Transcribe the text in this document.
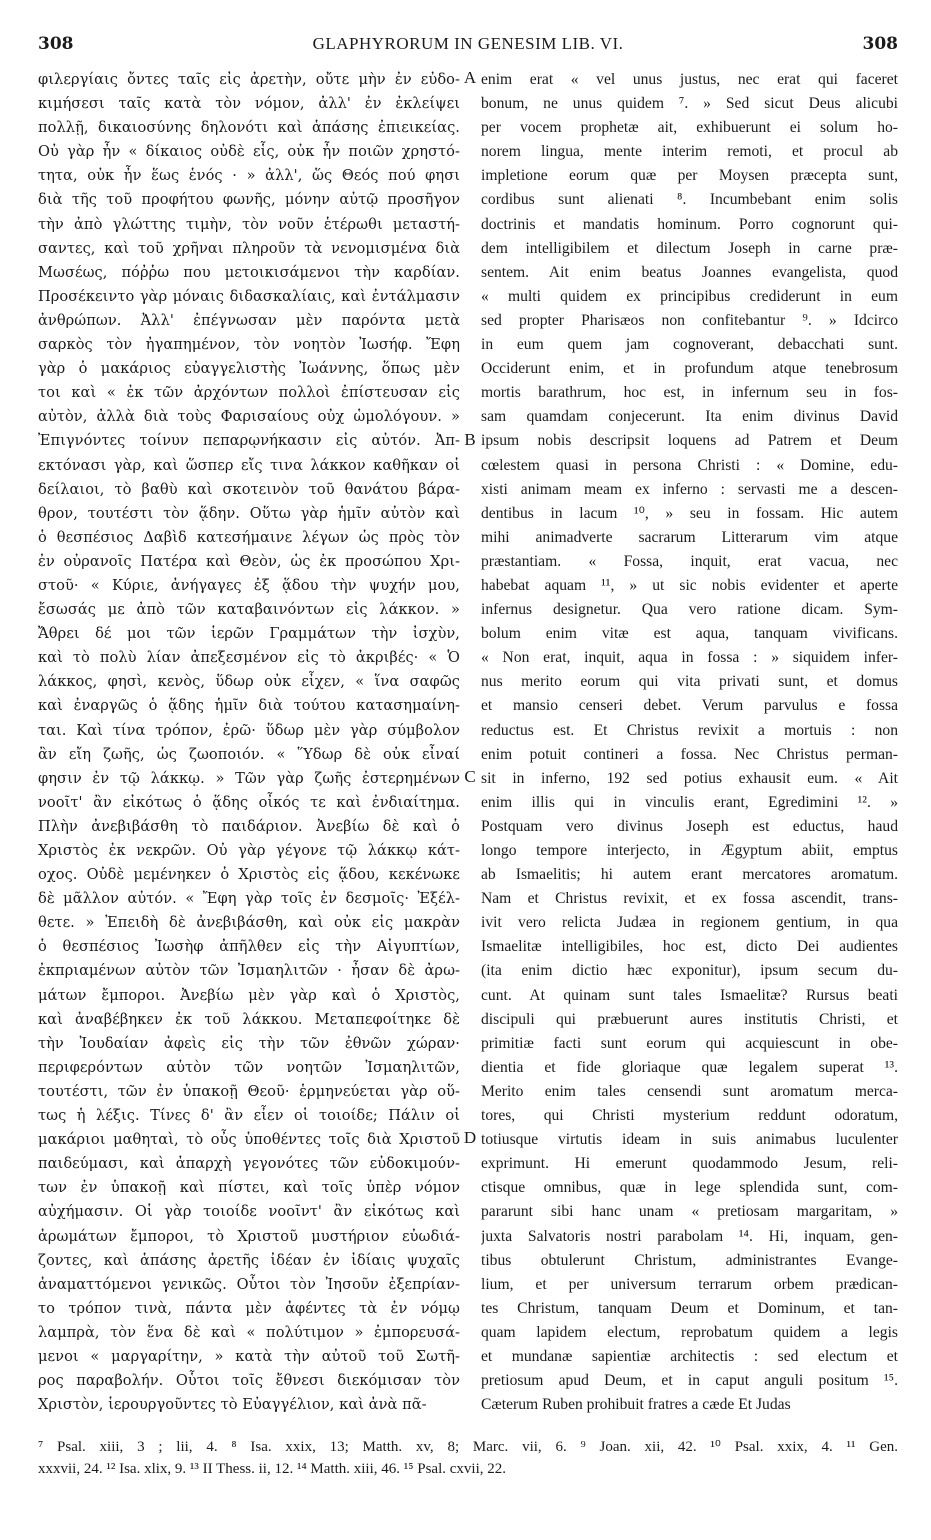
308	GLAPHYRORUM IN GENESIM LIB. VI.	308
φιλεργίαις ὄντες ταῖς εἰς ἀρετὴν, οὔτε μὴν ἐν εὐδο-
κιμήσεσι ταῖς κατὰ τὸν νόμον, ἀλλ' ἐν ἐκλείψει
πολλῇ, δικαιοσύνης δηλονότι καὶ ἁπάσης ἐπιεικείας.
Οὐ γὰρ ἦν « δίκαιος οὐδὲ εἷς, οὐκ ἦν ποιῶν χρηστό-
τητα, οὐκ ἦν ἕως ἑνός · » ἀλλ', ὥς Θεός πού φησι
διὰ τῆς τοῦ προφήτου φωνῆς, μόνην αὐτῷ προσῆγον
τὴν ἀπὸ γλώττης τιμὴν, τὸν νοῦν ἑτέρωθι μεταστή-
σαντες, καὶ τοῦ χρῆναι πληροῦν τὰ νενομισμένα διὰ
Μωσέως, πόῤῥω που μετοικισάμενοι τὴν καρδίαν.
Προσέκειντο γὰρ μόναις διδασκαλίαις, καὶ ἐντάλμασιν
ἀνθρώπων. Ἀλλ' ἐπέγνωσαν μὲν παρόντα μετὰ
σαρκὸς τὸν ἠγαπημένον, τὸν νοητὸν Ἰωσήφ. Ἔφη
γὰρ ὁ μακάριος εὐαγγελιστὴς Ἰωάννης, ὅπως μὲν
τοι καὶ « ἐκ τῶν ἀρχόντων πολλοὶ ἐπίστευσαν εἰς
αὐτὸν, ἀλλὰ διὰ τοὺς Φαρισαίους οὐχ ὡμολόγουν. »
Ἐπιγνόντες τοίνυν πεπαρῳνήκασιν εἰς αὐτόν. Ἀπ-
εκτόνασι γὰρ, καὶ ὥσπερ εἴς τινα λάκκον καθῆκαν οἱ
δείλαιοι, τὸ βαθὺ καὶ σκοτεινὸν τοῦ θανάτου βάρα-
θρον, τουτέστι τὸν ᾅδην. Οὕτω γὰρ ἡμῖν αὐτὸν καὶ
ὁ θεσπέσιος Δαβὶδ κατεσήμαινε λέγων ὡς πρὸς τὸν
ἐν οὐρανοῖς Πατέρα καὶ Θεὸν, ὡς ἐκ προσώπου Χρι-
στοῦ· « Κύριε, ἀνήγαγες ἐξ ᾅδου τὴν ψυχήν μου,
ἔσωσάς με ἀπὸ τῶν καταβαινόντων εἰς λάκκον. »
Ἄθρει δέ μοι τῶν ἱερῶν Γραμμάτων τὴν ἰσχὺν,
καὶ τὸ πολὺ λίαν ἀπεξεσμένον εἰς τὸ ἀκριβές· « Ὁ
λάκκος, φησὶ, κενὸς, ὕδωρ οὐκ εἶχεν, « ἵνα σαφῶς
καὶ ἐναργῶς ὁ ᾅδης ἡμῖν διὰ τούτου κατασημαίνη-
ται. Καὶ τίνα τρόπον, ἐρῶ· ὕδωρ μὲν γὰρ σύμβολον
ἂν εἴη ζωῆς, ὡς ζωοποιόν. « Ὕδωρ δὲ οὐκ εἶναί
φησιν ἐν τῷ λάκκῳ. » Τῶν γὰρ ζωῆς ἐστερημένων
νοοῖτ' ἂν εἰκότως ὁ ᾅδης οἶκός τε καὶ ἐνδιαίτημα.
Πλὴν ἀνεβιβάσθη τὸ παιδάριον. Ἀνεβίω δὲ καὶ ὁ
Χριστὸς ἐκ νεκρῶν. Οὐ γὰρ γέγονε τῷ λάκκῳ κάτ-
οχος. Οὐδὲ μεμένηκεν ὁ Χριστὸς εἰς ᾅδου, κεκένωκε
δὲ μᾶλλον αὐτόν. « Ἔφη γὰρ τοῖς ἐν δεσμοῖς· Ἐξέλ-
θετε. » Ἐπειδὴ δὲ ἀνεβιβάσθη, καὶ οὐκ εἰς μακρὰν
ὁ θεσπέσιος Ἰωσὴφ ἀπῆλθεν εἰς τὴν Αἰγυπτίων,
ἐκπριαμένων αὐτὸν τῶν Ἰσμαηλιτῶν · ἦσαν δὲ ἀρω-
μάτων ἔμποροι. Ἀνεβίω μὲν γὰρ καὶ ὁ Χριστὸς,
καὶ ἀναβέβηκεν ἐκ τοῦ λάκκου. Μεταπεφοίτηκε δὲ
τὴν Ἰουδαίαν ἀφεὶς εἰς τὴν τῶν ἐθνῶν χώραν·
περιφερόντων αὐτὸν τῶν νοητῶν Ἰσμαηλιτῶν,
τουτέστι, τῶν ἐν ὑπακοῇ Θεοῦ· ἑρμηνεύεται γὰρ οὕ-
τως ἡ λέξις. Τίνες δ' ἂν εἶεν οἱ τοιοίδε; Πάλιν οἱ
μακάριοι μαθηταὶ, τὸ οὖς ὑποθέντες τοῖς διὰ Χριστοῦ
παιδεύμασι, καὶ ἀπαρχὴ γεγονότες τῶν εὐδοκιμούν-
των ἐν ὑπακοῇ καὶ πίστει, καὶ τοῖς ὑπὲρ νόμον
αὐχήμασιν. Οἱ γὰρ τοιοίδε νοοῖντ' ἂν εἰκότως καὶ
ἀρωμάτων ἔμποροι, τὸ Χριστοῦ μυστήριον εὐωδιά-
ζοντες, καὶ ἁπάσης ἀρετῆς ἰδέαν ἐν ἰδίαις ψυχαῖς
ἀναματτόμενοι γενικῶς. Οὗτοι τὸν Ἰησοῦν ἐξεπρίαν-
το τρόπον τινὰ, πάντα μὲν ἀφέντες τὰ ἐν νόμῳ
λαμπρὰ, τὸν ἕνα δὲ καὶ « πολύτιμον » ἐμπορευσά-
μενοι « μαργαρίτην, » κατὰ τὴν αὐτοῦ τοῦ Σωτῆ-
ρος παραβολήν. Οὗτοι τοῖς ἔθνεσι διεκόμισαν τὸν
Χριστὸν, ἱερουργοῦντες τὸ Εὐαγγέλιον, καὶ ἀνὰ πᾶ-
A
B
C
D
enim erat « vel unus justus, nec erat qui faceret
bonum, ne unus quidem ⁷. » Sed sicut Deus alicubi
per vocem prophetæ ait, exhibuerunt ei solum ho-
norem lingua, mente interim remoti, et procul ab
impletione eorum quæ per Moysen præcepta sunt,
cordibus sunt alienati ⁸. Incumbebant enim solis
doctrinis et mandatis hominum. Porro cognorunt qui-
dem intelligibilem et dilectum Joseph in carne præ-
sentem. Ait enim beatus Joannes evangelista, quod
« multi quidem ex principibus crediderunt in eum
sed propter Pharisæos non confitebantur ⁹. » Idcirco
in eum quem jam cognoverant, debacchati sunt.
Occiderunt enim, et in profundum atque tenebrosum
mortis barathrum, hoc est, in infernum seu in fos-
sam quamdam conjecerunt. Ita enim divinus David
ipsum nobis descripsit loquens ad Patrem et Deum
cœlestem quasi in persona Christi : « Domine, edu-
xisti animam meam ex inferno : servasti me a descen-
dentibus in lacum ¹⁰, » seu in fossam. Hic autem
mihi animadverte sacrarum Litterarum vim atque
præstantiam. « Fossa, inquit, erat vacua, nec
habebat aquam ¹¹, » ut sic nobis evidenter et aperte
infernus designetur. Qua vero ratione dicam. Sym-
bolum enim vitæ est aqua, tanquam vivificans.
« Non erat, inquit, aqua in fossa : » siquidem infer-
nus merito eorum qui vita privati sunt, et domus
et mansio censeri debet. Verum parvulus e fossa
reductus est. Et Christus revixit a mortuis : non
enim potuit contineri a fossa. Nec Christus perman-
sit in inferno, 192 sed potius exhausit eum. « Ait
enim illis qui in vinculis erant, Egredimini ¹². »
Postquam vero divinus Joseph est eductus, haud
longo tempore interjecto, in Ægyptum abiit, emptus
ab Ismaelitis; hi autem erant mercatores aromatum.
Nam et Christus revixit, et ex fossa ascendit, trans-
ivit vero relicta Judæa in regionem gentium, in qua
Ismaelitæ intelligibiles, hoc est, dicto Dei audientes
(ita enim dictio hæc exponitur), ipsum secum du-
cunt. At quinam sunt tales Ismaelitæ? Rursus beati
discipuli qui præbuerunt aures institutis Christi, et
primitiæ facti sunt eorum qui acquiescunt in obe-
dientia et fide gloriaque quæ legalem superat ¹³.
Merito enim tales censendi sunt aromatum merca-
tores, qui Christi mysterium reddunt odoratum,
totiusque virtutis ideam in suis animabus luculenter
exprimunt. Hi emerunt quodammodo Jesum, reli-
ctisque omnibus, quæ in lege splendida sunt, com-
pararunt sibi hanc unam « pretiosam margaritam, »
juxta Salvatoris nostri parabolam ¹⁴. Hi, inquam, gen-
tibus obtulerunt Christum, administrantes Evange-
lium, et per universum terrarum orbem prædican-
tes Christum, tanquam Deum et Dominum, et tan-
quam lapidem electum, reprobatum quidem a legis
et mundanæ sapientiæ architectis : sed electum et
pretiosum apud Deum, et in caput anguli positum ¹⁵.
Cæterum Ruben prohibuit fratres a cæde Et Judas
⁷ Psal. xiii, 3 ; lii, 4. ⁸ Isa. xxix, 13; Matth. xv, 8; Marc. vii, 6. ⁹ Joan. xii, 42. ¹⁰ Psal. xxix, 4. ¹¹ Gen.
xxxvii, 24. ¹² Isa. xlix, 9. ¹³ II Thess. ii, 12. ¹⁴ Matth. xiii, 46. ¹⁵ Psal. cxvii, 22.
